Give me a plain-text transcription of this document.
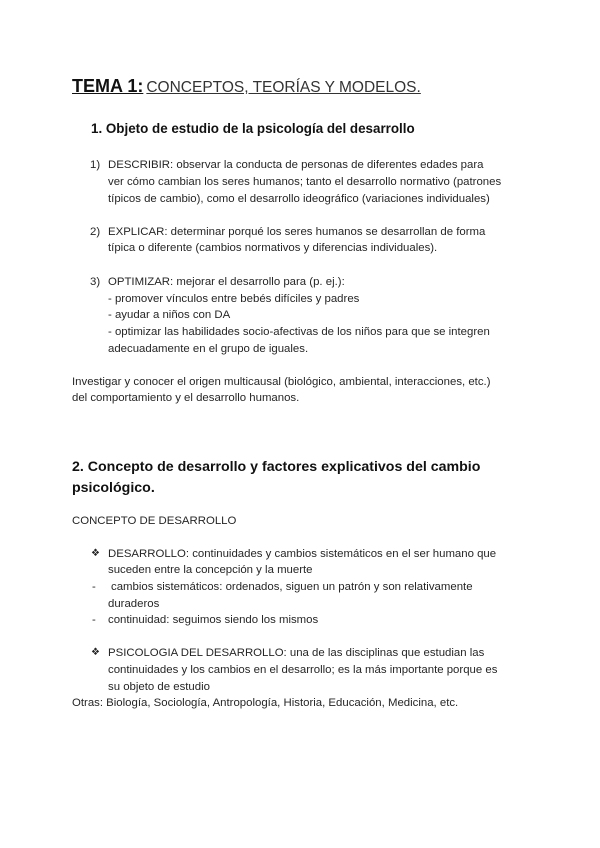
TEMA 1: CONCEPTOS, TEORÍAS Y MODELOS.
1. Objeto de estudio de la psicología del desarrollo
1) DESCRIBIR: observar la conducta de personas de diferentes edades para
ver cómo cambian los seres humanos; tanto el desarrollo normativo (patrones
típicos de cambio), como el desarrollo ideográfico (variaciones individuales)
2) EXPLICAR: determinar porqué los seres humanos se desarrollan de forma
típica o diferente (cambios normativos y diferencias individuales).
3) OPTIMIZAR: mejorar el desarrollo para (p. ej.):
- promover vínculos entre bebés difíciles y padres
- ayudar a niños con DA
- optimizar las habilidades socio-afectivas de los niños para que se integren
adecuadamente en el grupo de iguales.
Investigar y conocer el origen multicausal (biológico, ambiental, interacciones, etc.)
del comportamiento y el desarrollo humanos.
2. Concepto de desarrollo y factores explicativos del cambio
psicológico.
CONCEPTO DE DESARROLLO
❖ DESARROLLO: continuidades y cambios sistemáticos en el ser humano que
suceden entre la concepción y la muerte
- cambios sistemáticos: ordenados, siguen un patrón y son relativamente
duraderos
- continuidad: seguimos siendo los mismos
❖ PSICOLOGIA DEL DESARROLLO: una de las disciplinas que estudian las
continuidades y los cambios en el desarrollo; es la más importante porque es
su objeto de estudio
Otras: Biología, Sociología, Antropología, Historia, Educación, Medicina, etc.
